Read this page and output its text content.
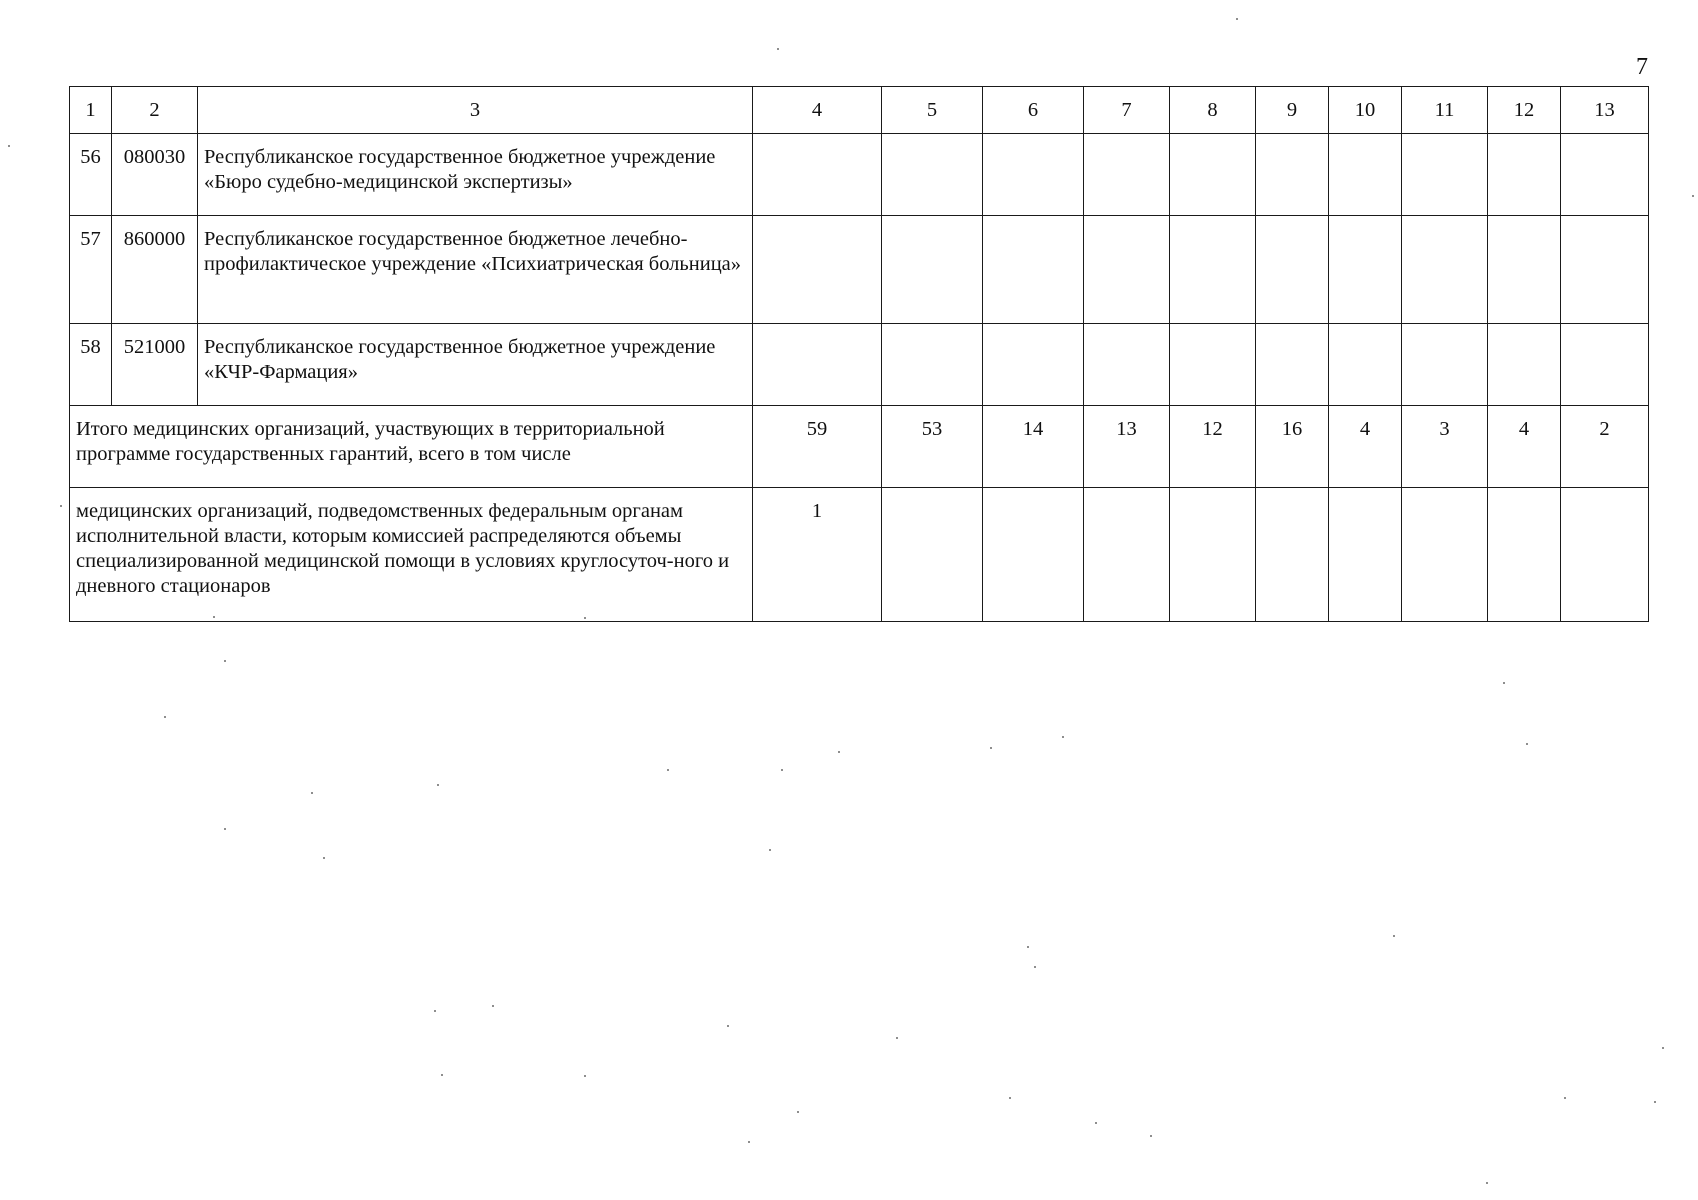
7
1	2	3	4	5	6	7	8	9	10	11	12	13
56	080030	Республиканское государственное бюджетное учреждение «Бюро судебно-медицинской экспертизы»										
57	860000	Республиканское государственное бюджетное лечебно-профилактическое учреждение «Психиатрическая больница»										
58	521000	Республиканское государственное бюджетное учреждение «КЧР-Фармация»										
Итого медицинских организаций, участвующих в территориальной программе государственных гарантий, всего в том числе			59	53	14	13	12	16	4	3	4	2
медицинских организаций, подведомственных федеральным органам исполнительной власти, которым комиссией распределяются объемы специализированной медицинской помощи в условиях круглосуточ-ного и дневного стационаров			1									
